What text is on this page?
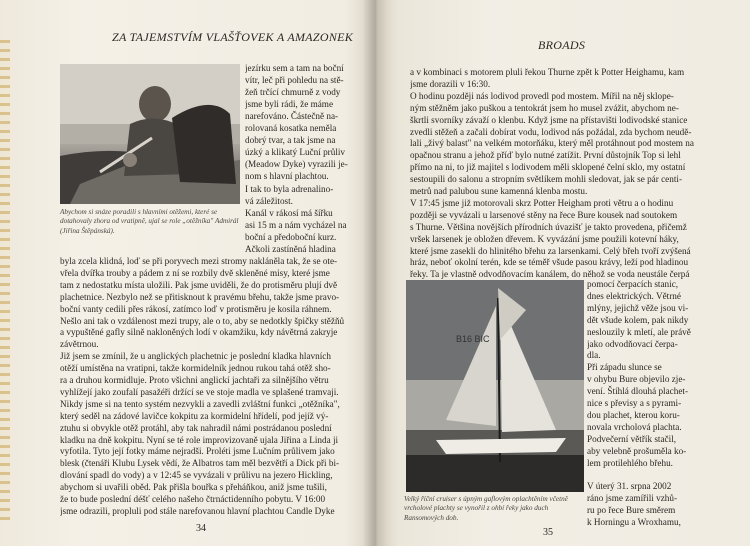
ZA TAJEMSTVÍM VLAŠŤOVEK A AMAZONEK
Abychom si snáze poradili s hlavními otěžemi, které se dotahovaly zhora od vratipně, ujal se role „otěžníka" Admirál (Jiřina Štěpánská).
jezírku sem a tam na boční
vítr, leč při pohledu na stě-
žeň trčící chmurně z vody
jsme byli rádi, že máme
narefováno. Částečně na-
rolovaná kosatka neměla
dobrý tvar, a tak jsme na
úzký a klikatý Luční průliv
(Meadow Dyke) vyrazili je-
nom s hlavní plachtou.
I tak to byla adrenalino-
vá záležitost.
Kanál v rákosí má šířku
asi 15 m a nám vycházel na
boční a předoboční kurz.
Ačkoli zastíněná hladina
byla zcela klidná, loď se při poryvech mezi stromy nakláněla tak, že se ote-
vřela dvířka trouby a pádem z ní se rozbily dvě skleněné misy, které jsme
tam z nedostatku místa uložili. Pak jsme uviděli, že do protisměru plují dvě
plachetnice. Nezbylo než se přitisknout k pravému břehu, takže jsme pravo-
boční vanty cedili přes rákosí, zatímco loď v protisměru je kosila ráhnem.
Nešlo ani tak o vzdálenost mezi trupy, ale o to, aby se nedotkly špičky stěžňů
a vypuštěné gafly silně nakloněných lodí v okamžiku, kdy návětrná zakryje
závětrnou.
Již jsem se zmínil, že u anglických plachetnic je poslední kladka hlavních
otěží umístěna na vratipni, takže kormidelník jednou rukou tahá otěž sho-
ra a druhou kormidluje. Proto všichni anglickí jachtaři za silnějšího větru
vyhlížejí jako zoufalí pasažéři držící se ve stoje madla ve splašené tramvaji.
Nikdy jsme si na tento systém nezvykli a zavedli zvláštní funkci „otěžníka",
který seděl na zádové lavičce kokpitu za kormidelní hřídelí, pod jejíž vý-
ztuhu si obvykle otěž protáhl, aby tak nahradil námi postrádanou poslední
kladku na dně kokpitu. Nyní se té role improvizovaně ujala Jiřina a Linda ji
vyfotila. Tyto její fotky máme nejradši. Proléti jsme Lučním průlivem jako
blesk (čtenáři Klubu Lysek vědí, že Albatros tam měl bezvětří a Dick při bi-
dlování spadl do vody) a v 12:45 se vyvázali v průlivu na jezero Hickling,
abychom si uvařili oběd. Pak přišla bouřka s přeháňkou, aniž jsme tušili,
že to bude poslední déšť celého našeho čtrnáctidenního pobytu. V 16:00
jsme odrazili, propluli pod stále narefovanou hlavní plachtou Candle Dyke
34
BROADS
a v kombinaci s motorem pluli řekou Thurne zpět k Potter Heighamu, kam
jsme dorazili v 16:30.
O hodinu později nás lodivod provedl pod mostem. Mířil na něj sklope-
ným stěžněm jako puškou a tentokrát jsem ho musel zvážit, abychom ne-
škrtli svorníky závaží o klenbu. Když jsme na přístavišti lodivodské stanice
zvedli stěžeň a začali dobírat vodu, lodivod nás požádal, zda bychom neudě-
lali „živý balast" na velkém motorňáku, který měl protáhnout pod mostem na
opačnou stranu a jehož příď bylo nutné zatížit. První důstojník Top si lehl
přímo na ni, to již majitel s lodivodem měli sklopené čelní sklo, my ostatní
sestoupili do salonu a stropním světlíkem mohli sledovat, jak se pár centi-
metrů nad palubou sune kamenná klenba mostu.
V 17:45 jsme již motorovali skrz Potter Heigham proti větru a o hodinu
později se vyvázali u larsenové stěny na řece Bure kousek nad soutokem
s Thurne. Většina novějších přírodních úvazišť je takto provedena, přičemž
vršek larsenek je obložen dřevem. K vyvázání jsme použili kotevní háky,
které jsme zasekli do hlinitého břehu za larsenkami. Celý břeh tvoří zvýšená
hráz, neboť okolní terén, kde se téměř všude pasou krávy, leží pod hladinou
řeky. Ta je vlastně odvodňovacím kanálem, do něhož se voda neustále čerpá
B16 BIC
Velký říční cruiser s úpným gaflovým oplachtěním včetně vrcholové plachty se vynořil z ohbí řeky jako duch Ransomových dob.
pomocí čerpacích stanic,
dnes elektrických. Větrné
mlýny, jejichž věže jsou vi-
dět všude kolem, pak nikdy
neslouzily k mletí, ale právě
jako odvodňovací čerpa-
dla.
Při západu slunce se
v ohybu Bure objevilo zje-
vení. Štíhlá dlouhá plachet-
nice s převisy a s pyrami-
dou plachet, kterou koru-
novala vrcholová plachta.
Podvečerní větřík stačil,
aby velebně prošuměla ko-
lem protilehlého břehu.
V úterý 31. srpna 2002
ráno jsme zamířili vzhů-
ru po řece Bure směrem
k Horningu a Wroxhamu,
35
